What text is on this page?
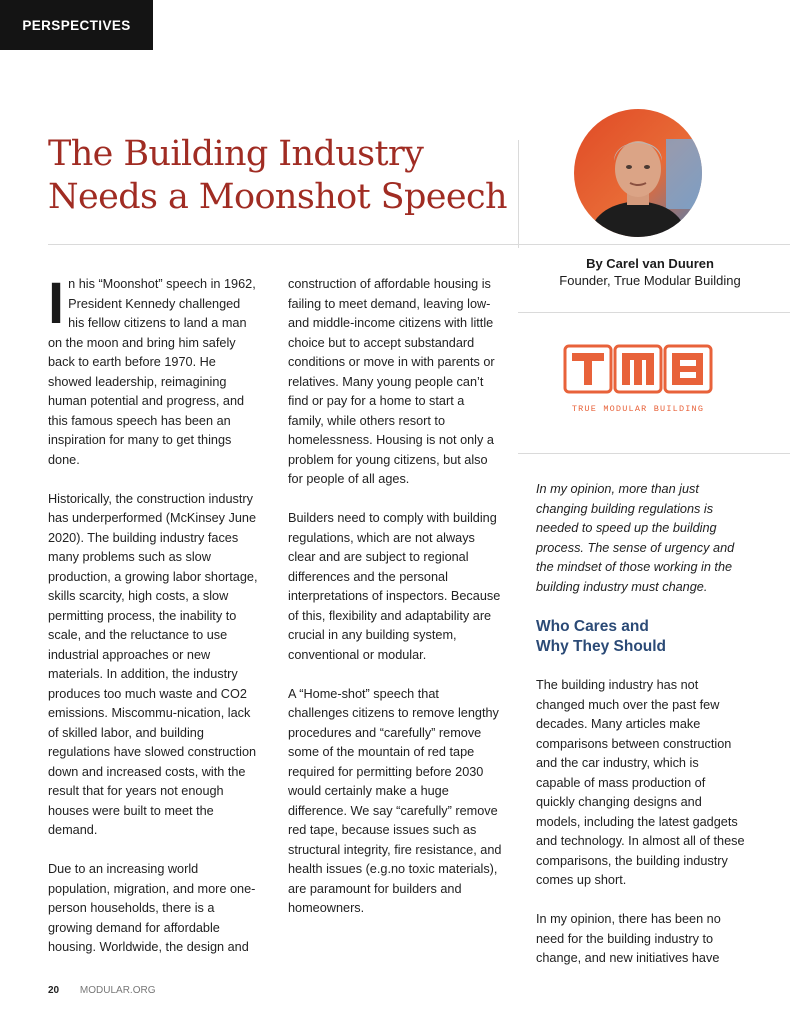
PERSPECTIVES
The Building Industry
Needs a Moonshot Speech
By Carel van Duuren
Founder, True Modular Building
TRUE MODULAR BUILDING

In his “Moonshot” speech in 1962, President Kennedy challenged his fellow citizens to land a man on the moon and bring him safely back to earth before 1970. He showed leadership, reimagining human potential and progress, and this famous speech has been an inspiration for many to get things done.

Historically, the construction industry has underperformed (McKinsey June 2020). The building industry faces many problems such as slow production, a growing labor shortage, skills scarcity, high costs, a slow permitting process, the inability to scale, and the reluctance to use industrial approaches or new materials. In addition, the industry produces too much waste and CO2 emissions. Miscommu-nication, lack of skilled labor, and building regulations have slowed construction down and increased costs, with the result that for years not enough houses were built to meet the demand.

Due to an increasing world population, migration, and more one-person households, there is a growing demand for affordable housing. Worldwide, the design and

construction of affordable housing is failing to meet demand, leaving low- and middle-income citizens with little choice but to accept substandard conditions or move in with parents or relatives. Many young people can’t find or pay for a home to start a family, while others resort to homelessness. Housing is not only a problem for young citizens, but also for people of all ages.

Builders need to comply with building regulations, which are not always clear and are subject to regional differences and the personal interpretations of inspectors. Because of this, flexibility and adaptability are crucial in any building system, conventional or modular.

A “Home-shot” speech that challenges citizens to remove lengthy procedures and “carefully” remove some of the mountain of red tape required for permitting before 2030 would certainly make a huge difference. We say “carefully” remove red tape, because issues such as structural integrity, fire resistance, and health issues (e.g.no toxic materials), are paramount for builders and homeowners.

In my opinion, more than just changing building regulations is needed to speed up the building process. The sense of urgency and the mindset of those working in the building industry must change.

Who Cares and
Why They Should

The building industry has not changed much over the past few decades. Many articles make comparisons between construction and the car industry, which is capable of mass production of quickly changing designs and models, including the latest gadgets and technology. In almost all of these comparisons, the building industry comes up short.

In my opinion, there has been no need for the building industry to change, and new initiatives have

20 MODULAR.ORG
